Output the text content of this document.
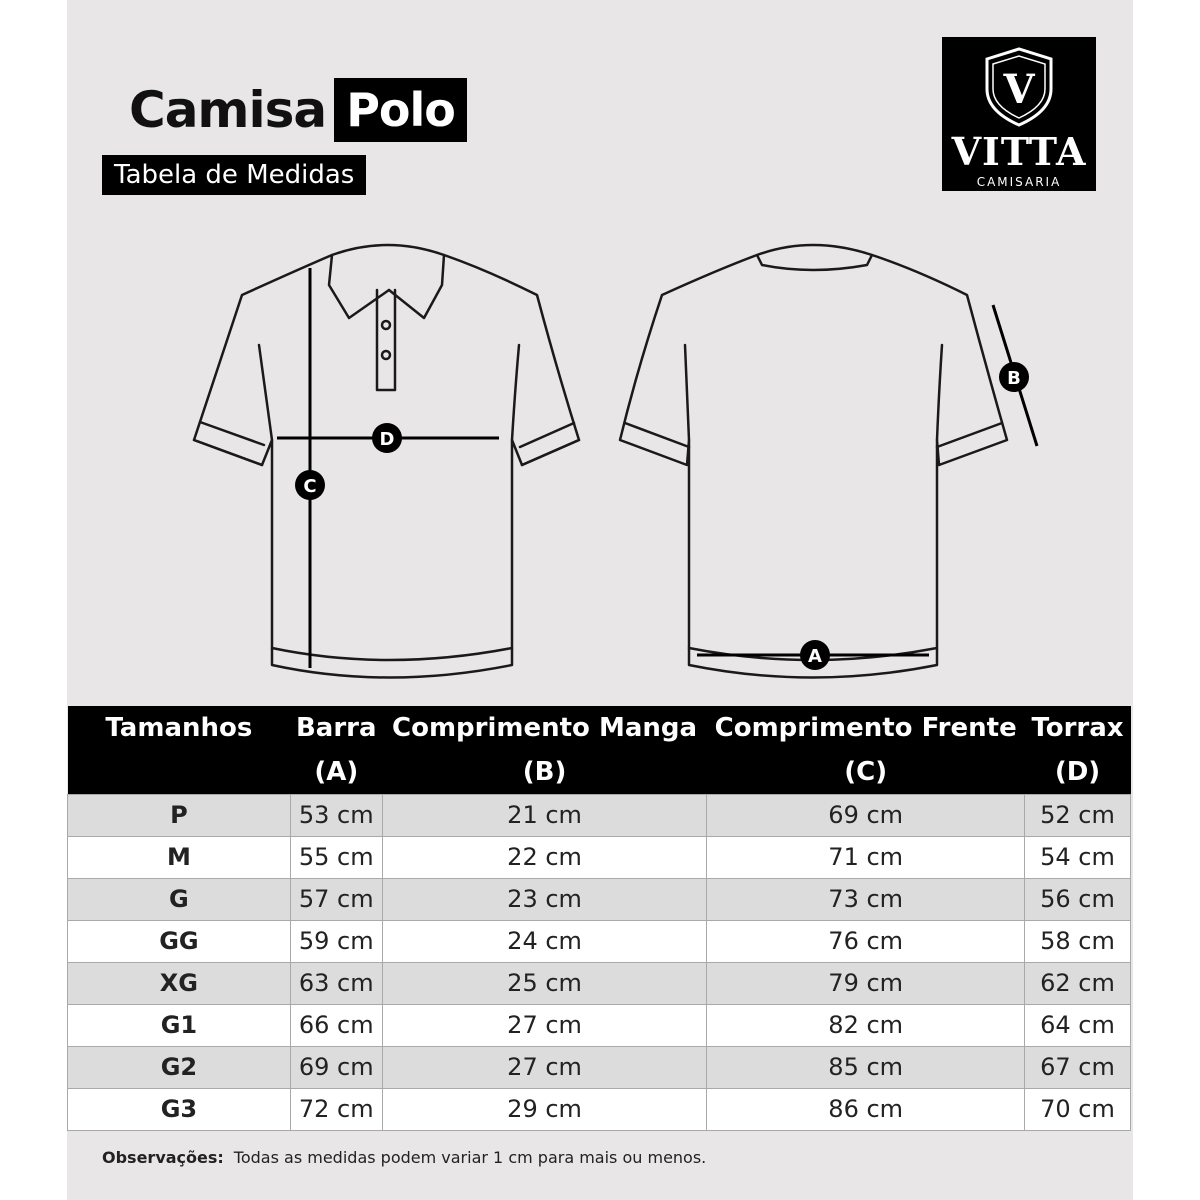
Camisa Polo
Tabela de Medidas
V
VITTA
CAMISARIA
D
C
A
B
Tamanhos	Barra	Comprimento Manga	Comprimento Frente	Torrax
	(A)	(B)	(C)	(D)
P	53 cm	21 cm	69 cm	52 cm
M	55 cm	22 cm	71 cm	54 cm
G	57 cm	23 cm	73 cm	56 cm
GG	59 cm	24 cm	76 cm	58 cm
XG	63 cm	25 cm	79 cm	62 cm
G1	66 cm	27 cm	82 cm	64 cm
G2	69 cm	27 cm	85 cm	67 cm
G3	72 cm	29 cm	86 cm	70 cm
Observações: Todas as medidas podem variar 1 cm para mais ou menos.
